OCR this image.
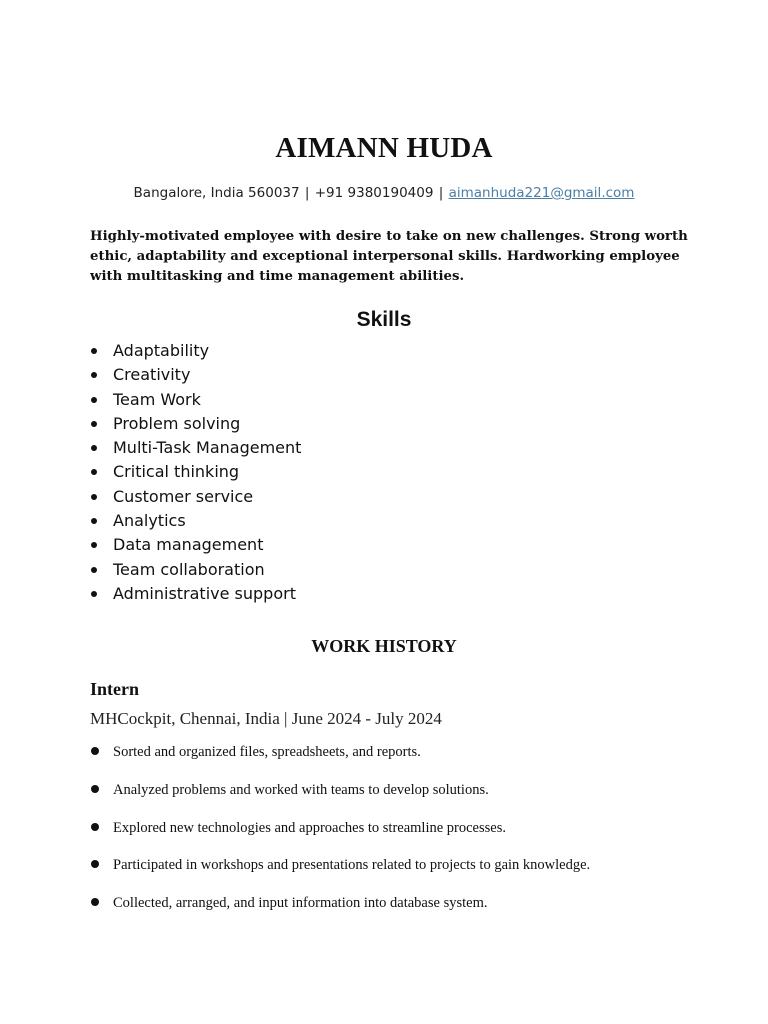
AIMANN HUDA
Bangalore, India 560037 | +91 9380190409 | aimanhuda221@gmail.com

Highly-motivated employee with desire to take on new challenges. Strong worth ethic, adaptability and exceptional interpersonal skills. Hardworking employee with multitasking and time management abilities.

Skills
Adaptability
Creativity
Team Work
Problem solving
Multi-Task Management
Critical thinking
Customer service
Analytics
Data management
Team collaboration
Administrative support
WORK HISTORY
Intern
MHCockpit, Chennai, India | June 2024 - July 2024
Sorted and organized files, spreadsheets, and reports.
Analyzed problems and worked with teams to develop solutions.
Explored new technologies and approaches to streamline processes.
Participated in workshops and presentations related to projects to gain knowledge.
Collected, arranged, and input information into database system.
